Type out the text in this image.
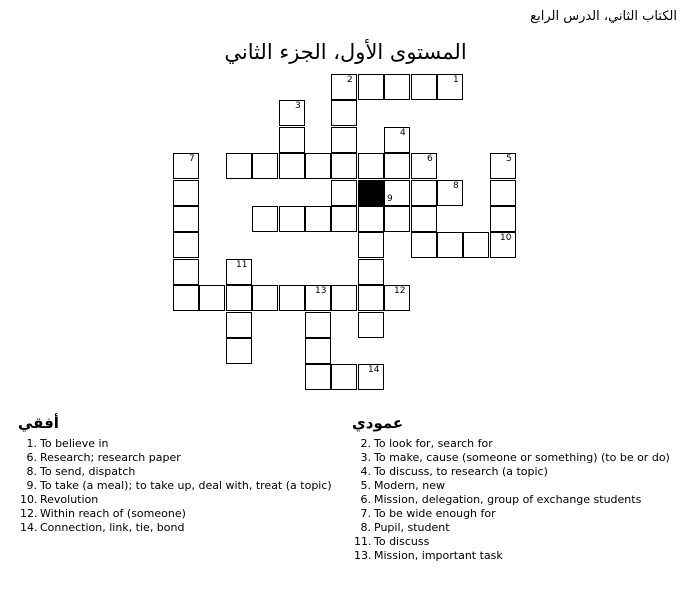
الكتاب الثاني، الدرس الرابع
المستوى الأول، الجزء الثاني
1
2
3
4
5
6
7
8
9
10
11
12
13
14
أفقي
1. To believe in
6. Research; research paper
8. To send, dispatch
9. To take (a meal); to take up, deal with, treat (a topic)
10. Revolution
12. Within reach of (someone)
14. Connection, link, tie, bond
عمودي
2. To look for, search for
3. To make, cause (someone or something) (to be or do)
4. To discuss, to research (a topic)
5. Modern, new
6. Mission, delegation, group of exchange students
7. To be wide enough for
8. Pupil, student
11. To discuss
13. Mission, important task
